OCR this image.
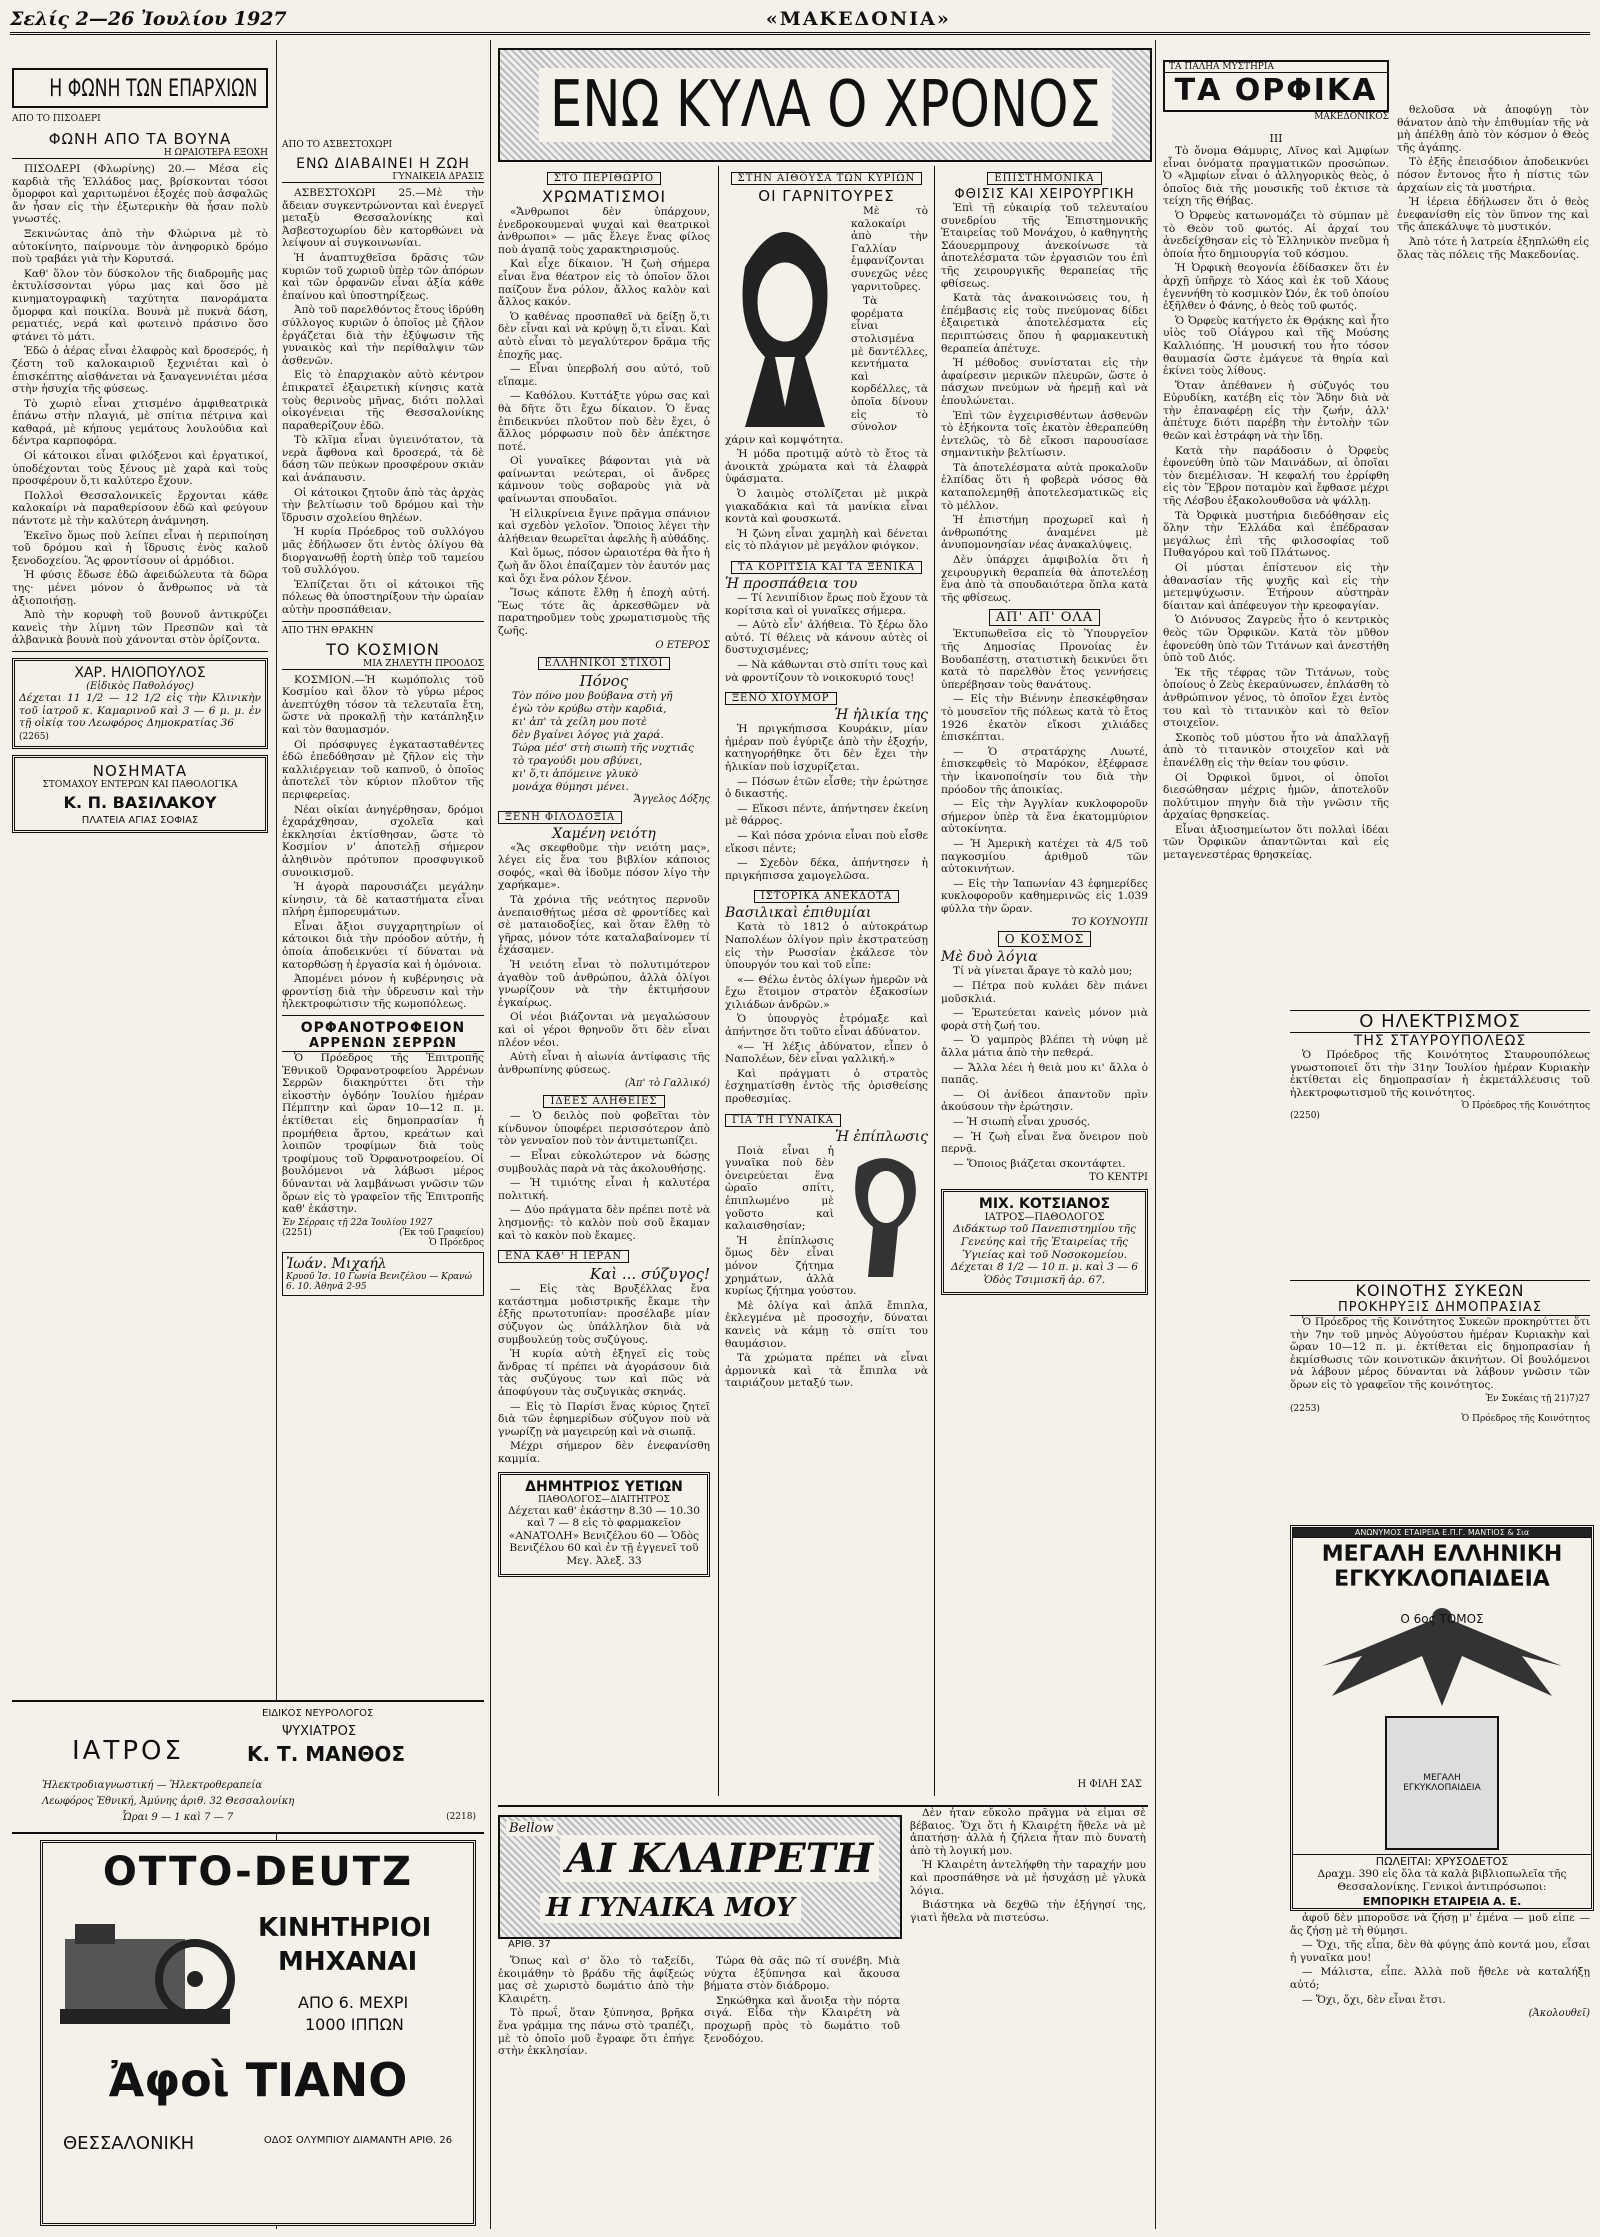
Σελίς 2—26 Ἰουλίου 1927	«ΜΑΚΕΔΟΝΙΑ»
Η ΦΩΝΗ ΤΩΝ ΕΠΑΡΧΙΩΝ
ΑΠΟ ΤΟ ΠΙΣΟΔΕΡΙ
ΦΩΝΗ ΑΠΟ ΤΑ ΒΟΥΝΑ
Η ΩΡΑΙΟΤΕΡΑ ΕΞΟΧΗ

ΠΙΣΟΔΕΡΙ (Φλωρίνης) 20.— Μέσα εἰς καρδιὰ τῆς Ἑλλάδος μας, βρίσκονται τόσοι ὄμορφοι καὶ χαριτωμένοι ἐξοχές ποὺ ἀσφαλῶς ἄν ἦσαν εἰς τὴν ἐξωτερικὴν θὰ ἦσαν πολὺ γνωστές.

Ξεκινώντας ἀπὸ τὴν Φλώρινα μὲ τὸ αὐτοκίνητο, παίρνουμε τὸν ἀνηφορικὸ δρόμο ποὺ τραβάει γιὰ τὴν Κορυτσά.

Καθ' ὅλον τὸν δύσκολον τῆς διαδρομῆς μας ἐκτυλίσσονται γύρω μας καὶ ὅσο μὲ κινηματογραφικὴ ταχύτητα πανοράματα ὄμορφα καὶ ποικίλα. Βουνὰ μὲ πυκνὰ δάση, ρεματιές, νερά καὶ φωτεινὸ πράσινο ὅσο φτάνει τὸ μάτι.

Ἐδῶ ὁ ἀέρας εἶναι ἐλαφρὸς καὶ δροσερός, ἡ ζέστη τοῦ καλοκαιριοῦ ξεχνιέται καὶ ὁ ἐπισκέπτης αἰσθάνεται νὰ ξαναγεννιέται μέσα στὴν ἡσυχία τῆς φύσεως.

Τὸ χωριὸ εἶναι χτισμένο ἀμφιθεατρικὰ ἐπάνω στὴν πλαγιά, μὲ σπίτια πέτρινα καὶ καθαρά, μὲ κήπους γεμάτους λουλούδια καὶ δέντρα καρποφόρα.

Οἱ κάτοικοι εἶναι φιλόξενοι καὶ ἐργατικοί, ὑποδέχονται τοὺς ξένους μὲ χαρὰ καὶ τοὺς προσφέρουν ὅ,τι καλύτερο ἔχουν.

Πολλοὶ Θεσσαλονικεῖς ἔρχονται κάθε καλοκαίρι νὰ παραθερίσουν ἐδῶ καὶ φεύγουν πάντοτε μὲ τὴν καλύτερη ἀνάμνηση.

Ἐκεῖνο ὅμως ποὺ λείπει εἶναι ἡ περιποίηση τοῦ δρόμου καὶ ἡ ἵδρυσις ἑνὸς καλοῦ ξενοδοχείου. Ἂς φροντίσουν οἱ ἁρμόδιοι.

Ἡ φύσις ἔδωσε ἐδῶ ἀφειδώλευτα τὰ δῶρα της· μένει μόνον ὁ ἄνθρωπος νὰ τὰ ἀξιοποιήσῃ.

Ἀπὸ τὴν κορυφὴ τοῦ βουνοῦ ἀντικρύζει κανεὶς τὴν λίμνη τῶν Πρεσπῶν καὶ τὰ ἀλβανικὰ βουνὰ ποὺ χάνονται στὸν ὁρίζοντα.

ΧΑΡ. ΗΛΙΟΠΟΥΛΟΣ
(Εἰδικὸς Παθολόγος)

Δέχεται 11 1/2 — 12 1/2 εἰς τὴν Κλινικὴν τοῦ ἰατροῦ κ. Καμαρινοῦ καὶ 3 — 6 μ. μ. ἐν τῇ οἰκίᾳ του Λεωφόρος Δημοκρατίας 36

(2265)
ΝΟΣΗΜΑΤΑ
ΣΤΟΜΑΧΟΥ ΕΝΤΕΡΩΝ ΚΑΙ ΠΑΘΟΛΟΓΙΚΑ
Κ. Π. ΒΑΣΙΛΑΚΟΥ
ΠΛΑΤΕΙΑ ΑΓΙΑΣ ΣΟΦΙΑΣ
ΑΠΟ ΤΟ ΑΣΒΕΣΤΟΧΩΡΙ
ΕΝΩ ΔΙΑΒΑΙΝΕΙ Η ΖΩΗ
ΓΥΝΑΙΚΕΙΑ ΔΡΑΣΙΣ

ΑΣΒΕΣΤΟΧΩΡΙ 25.—Μὲ τὴν ἄδειαν συγκεντρώνονται καὶ ἐνεργεῖ μεταξὺ Θεσσαλονίκης καὶ Ἀσβεστοχωρίου δὲν κατορθώνει νὰ λείψουν αἱ συγκοινωνίαι.

Ἡ ἀναπτυχθεῖσα δρᾶσις τῶν κυριῶν τοῦ χωριοῦ ὑπὲρ τῶν ἀπόρων καὶ τῶν ὀρφανῶν εἶναι ἀξία κάθε ἐπαίνου καὶ ὑποστηρίξεως.

Ἀπὸ τοῦ παρελθόντος ἔτους ἱδρύθη σύλλογος κυριῶν ὁ ὁποῖος μὲ ζῆλον ἐργάζεται διὰ τὴν ἐξύψωσιν τῆς γυναικὸς καὶ τὴν περίθαλψιν τῶν ἀσθενῶν.

Εἰς τὸ ἐπαρχιακὸν αὐτὸ κέντρον ἐπικρατεῖ ἐξαιρετικὴ κίνησις κατὰ τοὺς θερινοὺς μῆνας, διότι πολλαὶ οἰκογένειαι τῆς Θεσσαλονίκης παραθερίζουν ἐδῶ.

Τὸ κλῖμα εἶναι ὑγιεινότατον, τὰ νερὰ ἄφθονα καὶ δροσερά, τὰ δὲ δάση τῶν πεύκων προσφέρουν σκιὰν καὶ ἀνάπαυσιν.

Οἱ κάτοικοι ζητοῦν ἀπὸ τὰς ἀρχὰς τὴν βελτίωσιν τοῦ δρόμου καὶ τὴν ἵδρυσιν σχολείου θηλέων.

Ἡ κυρία Πρόεδρος τοῦ συλλόγου μᾶς ἐδήλωσεν ὅτι ἐντὸς ὀλίγου θὰ διοργανωθῇ ἑορτὴ ὑπὲρ τοῦ ταμείου τοῦ συλλόγου.

Ἐλπίζεται ὅτι οἱ κάτοικοι τῆς πόλεως θὰ ὑποστηρίξουν τὴν ὡραίαν αὐτὴν προσπάθειαν.

ΑΠΟ ΤΗΝ ΘΡΑΚΗΝ
ΤΟ ΚΟΣΜΙΟΝ
ΜΙΑ ΖΗΛΕΥΤΗ ΠΡΟΟΔΟΣ

ΚΟΣΜΙΟΝ.—Ἡ κωμόπολις τοῦ Κοσμίου καὶ ὅλον τὸ γύρω μέρος ἀνεπτύχθη τόσον τὰ τελευταῖα ἔτη, ὥστε νὰ προκαλῇ τὴν κατάπληξιν καὶ τὸν θαυμασμόν.

Οἱ πρόσφυγες ἐγκατασταθέντες ἐδῶ ἐπεδόθησαν μὲ ζῆλον εἰς τὴν καλλιέργειαν τοῦ καπνοῦ, ὁ ὁποῖος ἀποτελεῖ τὸν κύριον πλοῦτον τῆς περιφερείας.

Νέαι οἰκίαι ἀνηγέρθησαν, δρόμοι ἐχαράχθησαν, σχολεῖα καὶ ἐκκλησίαι ἐκτίσθησαν, ὥστε τὸ Κοσμίον ν' ἀποτελῇ σήμερον ἀληθινὸν πρότυπον προσφυγικοῦ συνοικισμοῦ.

Ἡ ἀγορὰ παρουσιάζει μεγάλην κίνησιν, τὰ δὲ καταστήματα εἶναι πλήρη ἐμπορευμάτων.

Εἶναι ἄξιοι συγχαρητηρίων οἱ κάτοικοι διὰ τὴν πρόοδον αὐτήν, ἡ ὁποία ἀποδεικνύει τί δύναται νὰ κατορθώσῃ ἡ ἐργασία καὶ ἡ ὁμόνοια.

Ἀπομένει μόνον ἡ κυβέρνησις νὰ φροντίσῃ διὰ τὴν ὑδρευσιν καὶ τὴν ἠλεκτροφώτισιν τῆς κωμοπόλεως.

ΟΡΦΑΝΟΤΡΟΦΕΙΟΝ
ΑΡΡΕΝΩΝ ΣΕΡΡΩΝ

Ὁ Πρόεδρος τῆς Ἐπιτροπῆς Ἐθνικοῦ Ὀρφανοτροφείου Ἀρρένων Σερρῶν διακηρύττει ὅτι τὴν εἰκοστὴν ὀγδόην Ἰουλίου ἡμέραν Πέμπτην καὶ ὥραν 10—12 π. μ. ἐκτίθεται εἰς δημοπρασίαν ἡ προμήθεια ἄρτου, κρεάτων καὶ λοιπῶν τροφίμων διὰ τοὺς τροφίμους τοῦ Ὀρφανοτροφείου. Οἱ βουλόμενοι νὰ λάβωσι μέρος δύνανται νὰ λαμβάνωσι γνῶσιν τῶν ὅρων εἰς τὸ γραφεῖον τῆς Ἐπιτροπῆς καθ' ἑκάστην.

Ἐν Σέρραις τῇ 22α Ἰουλίου 1927
(2251)	(Ἐκ τοῦ Γραφείου)
Ὁ Πρόεδρος
Ἰωάν. Μιχαήλ
Κρυοῦ Ἰσ. 10 Γωνία Βενιζέλου — Κρανώ 6. 10. Ἀθηνᾶ 2-95
ΕΙΔΙΚΟΣ ΝΕΥΡΟΛΟΓΟΣ
ΨΥΧΙΑΤΡΟΣ
ΙΑΤΡΟΣ	Κ. Τ. ΜΑΝΘΟΣ
Ἠλεκτροδιαγνωστική — Ἠλεκτροθεραπεία
Λεωφόρος Ἐθνική, Ἀμύνης ἀριθ. 32 Θεσσαλονίκη
Ὧραι 9 — 1 καὶ 7 — 7	(2218)
OTTO-DEUTZ
ΚΙΝΗΤΗΡΙΟΙ
ΜΗΧΑΝΑΙ
ΑΠΟ 6. ΜΕΧΡΙ
1000 ΙΠΠΩΝ
Ἀφοὶ ΤΙΑΝΟ
ΘΕΣΣΑΛΟΝΙΚΗ	ΟΔΟΣ ΟΛΥΜΠΙΟΥ ΔΙΑΜΑΝΤΗ ΑΡΙΘ. 26
ΕΝΩ ΚΥΛΑ Ο ΧΡΟΝΟΣ
ΣΤΟ ΠΕΡΙΘΩΡΙΟ
ΧΡΩΜΑΤΙΣΜΟΙ

«Ἄνθρωποι δὲν ὑπάρχουν, ἐνεδροκουμεναὶ ψυχαὶ καὶ θεατρικοὶ ἀνθρωποι» — μᾶς ἔλεγε ἕνας φίλος ποὺ ἀγαπᾷ τοὺς χαρακτηρισμούς.

Καὶ εἶχε δίκαιον. Ἡ ζωὴ σήμερα εἶναι ἕνα θέατρον εἰς τὸ ὁποῖον ὅλοι παίζουν ἕνα ρόλον, ἄλλος καλὸν καὶ ἄλλος κακόν.

Ὁ καθένας προσπαθεῖ νὰ δείξῃ ὅ,τι δὲν εἶναι καὶ νὰ κρύψῃ ὅ,τι εἶναι. Καὶ αὐτὸ εἶναι τὸ μεγαλύτερον δρᾶμα τῆς ἐποχῆς μας.

— Εἶναι ὑπερβολή σου αὐτό, τοῦ εἴπαμε.

— Καθόλου. Κυττάξτε γύρω σας καὶ θὰ δῆτε ὅτι ἔχω δίκαιον. Ὁ ἕνας ἐπιδεικνύει πλοῦτον ποὺ δὲν ἔχει, ὁ ἄλλος μόρφωσιν ποὺ δὲν ἀπέκτησε ποτέ.

Οἱ γυναῖκες βάφονται γιὰ νὰ φαίνωνται νεώτεραι, οἱ ἄνδρες κάμνουν τοὺς σοβαροὺς γιὰ νὰ φαίνωνται σπουδαῖοι.

Ἡ εἰλικρίνεια ἔγινε πρᾶγμα σπάνιον καὶ σχεδὸν γελοῖον. Ὅποιος λέγει τὴν ἀλήθειαν θεωρεῖται ἀφελὴς ἢ αὐθάδης.

Καὶ ὅμως, πόσον ὡραιοτέρα θὰ ἦτο ἡ ζωὴ ἄν ὅλοι ἐπαίζαμεν τὸν ἑαυτόν μας καὶ ὄχι ἕνα ρόλον ξένον.

Ἴσως κάποτε ἔλθῃ ἡ ἐποχὴ αὐτή. Ἕως τότε ἂς ἀρκεσθῶμεν νὰ παρατηροῦμεν τοὺς χρωματισμοὺς τῆς ζωῆς.

Ο ΕΤΕΡΟΣ
ΕΛΛΗΝΙΚΟΙ ΣΤΙΧΟΙ
Πόνος
Τὸν πόνο μου βούβανα στὴ γῆ
ἐγὼ τὸν κρύβω στὴν καρδιά,
κι' ἀπ' τὰ χείλη μου ποτὲ
δὲν βγαίνει λόγος γιὰ χαρά.
Τώρα μέσ' στὴ σιωπὴ τῆς νυχτιᾶς
τὸ τραγούδι μου σβύνει,
κι' ὅ,τι ἀπόμεινε γλυκὸ
μονάχα θύμησι μένει.
Ἄγγελος Δόξης
ΞΕΝΗ ΦΙΛΟΔΟΞΙΑ
Χαμένη νειότη

«Ἄς σκεφθοῦμε τὴν νειότη μας», λέγει εἰς ἕνα του βιβλίον κάποιος σοφός, «καὶ θὰ ἰδοῦμε πόσον λίγο τὴν χαρήκαμε».

Τὰ χρόνια τῆς νεότητος περνοῦν ἀνεπαισθήτως μέσα σὲ φροντίδες καὶ σὲ ματαιοδοξίες, καὶ ὅταν ἔλθῃ τὸ γῆρας, μόνον τότε καταλαβαίνομεν τί ἐχάσαμεν.

Ἡ νειότη εἶναι τὸ πολυτιμότερον ἀγαθὸν τοῦ ἀνθρώπου, ἀλλὰ ὀλίγοι γνωρίζουν νὰ τὴν ἐκτιμήσουν ἐγκαίρως.

Οἱ νέοι βιάζονται νὰ μεγαλώσουν καὶ οἱ γέροι θρηνοῦν ὅτι δὲν εἶναι πλέον νέοι.

Αὐτὴ εἶναι ἡ αἰωνία ἀντίφασις τῆς ἀνθρωπίνης φύσεως.

(Ἀπ' τὸ Γαλλικό)
ΙΔΕΕΣ ΑΛΗΘΕΙΕΣ

— Ὁ δειλὸς ποὺ φοβεῖται τὸν κίνδυνον ὑποφέρει περισσότερον ἀπὸ τὸν γενναῖον ποὺ τὸν ἀντιμετωπίζει.

— Εἶναι εὐκολώτερον νὰ δώσῃς συμβουλὰς παρὰ νὰ τὰς ἀκολουθήσῃς.

— Ἡ τιμιότης εἶναι ἡ καλυτέρα πολιτική.

— Δύο πράγματα δὲν πρέπει ποτὲ νὰ λησμονῇς: τὸ καλὸν ποὺ σοῦ ἔκαμαν καὶ τὸ κακὸν ποὺ ἔκαμες.

ΕΝΑ ΚΑΘ' Η ΙΕΡΑΝ
Καὶ ... σύζυγος!

— Εἰς τὰς Βρυξέλλας ἔνα κατάστημα μοδιστρικῆς ἔκαμε τὴν ἑξῆς πρωτοτυπίαν: προσέλαβε μίαν σύζυγον ὡς ὑπάλληλον διὰ νὰ συμβουλεύῃ τοὺς συζύγους.

Ἡ κυρία αὐτὴ ἐξηγεῖ εἰς τοὺς ἄνδρας τί πρέπει νὰ ἀγοράσουν διὰ τὰς συζύγους των καὶ πῶς νὰ ἀποφύγουν τὰς συζυγικὰς σκηνάς.

— Εἰς τὸ Παρίσι ἕνας κύριος ζητεῖ διὰ τῶν ἐφημερίδων σύζυγον ποὺ νὰ γνωρίζῃ νὰ μαγειρεύῃ καὶ νὰ σιωπᾷ.

Μέχρι σήμερον δὲν ἐνεφανίσθη καμμία.

ΔΗΜΗΤΡΙΟΣ ΥΕΤΙΩΝ
ΠΑΘΟΛΟΓΟΣ—ΔΙΑΙΤΗΤΡΟΣ

Δέχεται καθ' ἑκάστην 8.30 — 10.30 καὶ 7 — 8 εἰς τὸ φαρμακεῖον «ΑΝΑΤΟΛΗ» Βενιζέλου 60 — Ὁδὸς Βενιζέλου 60 καὶ ἐν τῇ ἐγγενεῖ τοῦ Μεγ. Ἀλεξ. 33

ΣΤΗΝ ΑΙΘΟΥΣΑ ΤΩΝ ΚΥΡΙΩΝ
ΟΙ ΓΑΡΝΙΤΟΥΡΕΣ

Μὲ τὸ καλοκαίρι ἀπὸ τὴν Γαλλίαν ἐμφανίζονται συνεχῶς νέες γαρνιτοῦρες.

Τὰ φορέματα εἶναι στολισμένα μὲ δαντέλλες, κεντήματα καὶ κορδέλλες, τὰ ὁποῖα δίνουν εἰς τὸ σύνολον χάριν καὶ κομψότητα.

Ἡ μόδα προτιμᾷ αὐτὸ τὸ ἔτος τὰ ἀνοικτὰ χρώματα καὶ τὰ ἐλαφρὰ ὑφάσματα.

Ὁ λαιμὸς στολίζεται μὲ μικρὰ γιακαδάκια καὶ τὰ μανίκια εἶναι κοντὰ καὶ φουσκωτά.

Ἡ ζώνη εἶναι χαμηλὴ καὶ δένεται εἰς τὸ πλάγιον μὲ μεγάλον φιόγκον.

ΤΑ ΚΟΡΙΤΣΙΑ ΚΑΙ ΤΑ ΞΕΝΙΚΑ
Ἡ προσπάθεια του

— Τί λενιπίδιον ἔρως ποὺ ἔχουν τὰ κορίτσια καὶ οἱ γυναῖκες σήμερα.

— Αὐτὸ εἶν' ἀλήθεια. Τὸ ξέρω ὅλο αὐτό. Τί θέλεις νὰ κάνουν αὐτὲς οἱ δυστυχισμένες;

— Νὰ κάθωνται στὸ σπίτι τους καὶ νὰ φροντίζουν τὸ νοικοκυριό τους!

ΞΕΝΟ ΧΙΟΥΜΟΡ
Ἡ ἡλικία της

Ἡ πριγκήπισσα Κουράκιν, μίαν ἡμέραν ποὺ ἐγύριζε ἀπὸ τὴν ἐξοχήν, κατηγορήθηκε ὅτι δὲν ἔχει τὴν ἡλικίαν ποὺ ἰσχυρίζεται.

— Πόσων ἐτῶν εἶσθε; τὴν ἐρώτησε ὁ δικαστής.

— Εἴκοσι πέντε, ἀπήντησεν ἐκείνη μὲ θάρρος.

— Καὶ πόσα χρόνια εἶναι ποὺ εἶσθε εἴκοσι πέντε;

— Σχεδὸν δέκα, ἀπήντησεν ἡ πριγκήπισσα χαμογελῶσα.

ΙΣΤΟΡΙΚΑ ΑΝΕΚΔΟΤΑ
Βασιλικαὶ ἐπιθυμίαι

Κατὰ τὸ 1812 ὁ αὐτοκράτωρ Ναπολέων ὀλίγον πρὶν ἐκστρατεύσῃ εἰς τὴν Ρωσσίαν ἐκάλεσε τὸν ὑπουργόν του καὶ τοῦ εἶπε:

«— Θέλω ἐντὸς ὀλίγων ἡμερῶν νὰ ἔχω ἕτοιμον στρατὸν ἑξακοσίων χιλιάδων ἀνδρῶν.»

Ὁ ὑπουργὸς ἐτρόμαξε καὶ ἀπήντησε ὅτι τοῦτο εἶναι ἀδύνατον.

«— Ἡ λέξις ἀδύνατον, εἶπεν ὁ Ναπολέων, δὲν εἶναι γαλλική.»

Καὶ πράγματι ὁ στρατὸς ἐσχηματίσθη ἐντὸς τῆς ὁρισθείσης προθεσμίας.

ΓΙΑ ΤΗ ΓΥΝΑΙΚΑ
Ἡ ἐπίπλωσις

Ποιὰ εἶναι ἡ γυναῖκα ποὺ δὲν ὀνειρεύεται ἕνα ὡραῖο σπίτι, ἐπιπλωμένο μὲ γοῦστο καὶ καλαισθησίαν;

Ἡ ἐπίπλωσις ὅμως δὲν εἶναι μόνον ζήτημα χρημάτων, ἀλλὰ κυρίως ζήτημα γούστου.

Μὲ ὀλίγα καὶ ἁπλᾶ ἔπιπλα, ἐκλεγμένα μὲ προσοχήν, δύναται κανεὶς νὰ κάμῃ τὸ σπίτι του θαυμάσιον.

Τὰ χρώματα πρέπει νὰ εἶναι ἁρμονικὰ καὶ τὰ ἔπιπλα νὰ ταιριάζουν μεταξύ των.

ΕΠΙΣΤΗΜΟΝΙΚΑ
ΦΘΙΣΙΣ ΚΑΙ ΧΕΙΡΟΥΡΓΙΚΗ

Ἐπὶ τῇ εὐκαιρίᾳ τοῦ τελευταίου συνεδρίου τῆς Ἐπιστημονικῆς Ἑταιρείας τοῦ Μονάχου, ὁ καθηγητὴς Σάουερμπρουχ ἀνεκοίνωσε τὰ ἀποτελέσματα τῶν ἐργασιῶν του ἐπὶ τῆς χειρουργικῆς θεραπείας τῆς φθίσεως.

Κατὰ τὰς ἀνακοινώσεις του, ἡ ἐπέμβασις εἰς τοὺς πνεύμονας δίδει ἐξαιρετικὰ ἀποτελέσματα εἰς περιπτώσεις ὅπου ἡ φαρμακευτικὴ θεραπεία ἀπέτυχε.

Ἡ μέθοδος συνίσταται εἰς τὴν ἀφαίρεσιν μερικῶν πλευρῶν, ὥστε ὁ πάσχων πνεύμων νὰ ἠρεμῇ καὶ νὰ ἐπουλώνεται.

Ἐπὶ τῶν ἐγχειρισθέντων ἀσθενῶν τὸ ἑξήκοντα τοῖς ἑκατὸν ἐθεραπεύθη ἐντελῶς, τὸ δὲ εἴκοσι παρουσίασε σημαντικὴν βελτίωσιν.

Τὰ ἀποτελέσματα αὐτὰ προκαλοῦν ἐλπίδας ὅτι ἡ φοβερὰ νόσος θὰ καταπολεμηθῇ ἀποτελεσματικῶς εἰς τὸ μέλλον.

Ἡ ἐπιστήμη προχωρεῖ καὶ ἡ ἀνθρωπότης ἀναμένει μὲ ἀνυπομονησίαν νέας ἀνακαλύψεις.

Δὲν ὑπάρχει ἀμφιβολία ὅτι ἡ χειρουργικὴ θεραπεία θὰ ἀποτελέσῃ ἕνα ἀπὸ τὰ σπουδαιότερα ὅπλα κατὰ τῆς φθίσεως.

ΑΠ' ΑΠ' ΟΛΑ

Ἐκτυπωθεῖσα εἰς τὸ Ὑπουργεῖον τῆς Δημοσίας Προνοίας ἐν Βουδαπέστῃ, στατιστικὴ δεικνύει ὅτι κατὰ τὸ παρελθὸν ἔτος γεννήσεις ὑπερέβησαν τοὺς θανάτους.

— Εἰς τὴν Βιέννην ἐπεσκέφθησαν τὸ μουσεῖον τῆς πόλεως κατὰ τὸ ἔτος 1926 ἐκατὸν εἴκοσι χιλιάδες ἐπισκέπται.

— Ὁ στρατάρχης Λυωτέ, ἐπισκεφθεὶς τὸ Μαρόκον, ἐξέφρασε τὴν ἱκανοποίησίν του διὰ τὴν πρόοδον τῆς ἀποικίας.

— Εἰς τὴν Ἀγγλίαν κυκλοφοροῦν σήμερον ὑπὲρ τὰ ἕνα ἑκατομμύριον αὐτοκίνητα.

— Ἡ Ἀμερικὴ κατέχει τὰ 4/5 τοῦ παγκοσμίου ἀριθμοῦ τῶν αὐτοκινήτων.

— Εἰς τὴν Ἰαπωνίαν 43 ἐφημερίδες κυκλοφοροῦν καθημερινῶς εἰς 1.039 φύλλα τὴν ὥραν.

ΤΟ ΚΟΥΝΟΥΠΙ
Ο ΚΟΣΜΟΣ
Μὲ δυὸ λόγια

Τί νὰ γίνεται ἄραγε τὸ καλὸ μου;

— Πέτρα ποὺ κυλάει δὲν πιάνει μοῦσκλιά.

— Ἐρωτεύεται κανεὶς μόνον μιὰ φορὰ στὴ ζωή του.

— Ὁ γαμπρὸς βλέπει τὴ νύφη μὲ ἄλλα μάτια ἀπὸ τὴν πεθερά.

— Ἄλλα λέει ἡ θειὰ μου κι' ἄλλα ὁ παπᾶς.

— Οἱ ἀνίδεοι ἀπαντοῦν πρὶν ἀκούσουν τὴν ἐρώτησιν.

— Ἡ σιωπὴ εἶναι χρυσός.

— Ἡ ζωὴ εἶναι ἕνα ὄνειρον ποὺ περνᾷ.

— Ὅποιος βιάζεται σκοντάφτει.

ΤΟ ΚΕΝΤΡΙ
ΜΙΧ. ΚΟΤΣΙΑΝΟΣ
ΙΑΤΡΟΣ—ΠΑΘΟΛΟΓΟΣ

Διδάκτωρ τοῦ Πανεπιστημίου τῆς Γενεύης καὶ τῆς Ἑταιρείας τῆς Ὑγιείας καὶ τοῦ Νοσοκομείου. Δέχεται 8 1/2 — 10 π. μ. καὶ 3 — 6 Ὁδὸς Τσιμισκῆ ἀρ. 67.

Η ΦΙΛΗ ΣΑΣ
Bellow
ΑΙ ΚΛΑΙΡΕΤΗ
Η ΓΥΝΑΙΚΑ ΜΟΥ
ΑΡΙΘ. 37

Ὅπως καὶ σ' ὅλο τὸ ταξείδι, ἐκοιμάθην τὸ βράδυ τῆς ἀφίξεώς μας σὲ χωριστὸ δωμάτιο ἀπὸ τὴν Κλαιρέτη.

Τὸ πρωΐ, ὅταν ξύπνησα, βρῆκα ἕνα γράμμα της πάνω στὸ τραπέζι, μὲ τὸ ὁποῖο μοῦ ἔγραφε ὅτι ἐπήγε στὴν ἐκκλησίαν.

Τώρα θὰ σᾶς πῶ τί συνέβη. Μιὰ νύχτα ἐξύπνησα καὶ ἄκουσα βήματα στὸν διάδρομο.

Σηκώθηκα καὶ ἄνοιξα τὴν πόρτα σιγά. Εἶδα τὴν Κλαιρέτη νὰ προχωρῇ πρὸς τὸ δωμάτιο τοῦ ξενοδόχου.

Δὲν ἦταν εὔκολο πρᾶγμα νὰ εἶμαι σὲ βέβαιος. Ὅχι ὅτι ἡ Κλαιρέτη ἤθελε νὰ μὲ ἀπατήσῃ· ἀλλὰ ἡ ζήλεια ἦταν πιὸ δυνατὴ ἀπὸ τὴ λογική μου.

Ἡ Κλαιρέτη ἀντελήφθη τὴν ταραχήν μου καὶ προσπάθησε νὰ μὲ ἡσυχάσῃ μὲ γλυκὰ λόγια.

Βιάστηκα νὰ δεχθῶ τὴν ἐξήγησί της, γιατὶ ἤθελα νὰ πιστεύσω.

ΤΑ ΠΑΛΗΑ ΜΥΣΤΗΡΙΑ
ΤΑ ΟΡΦΙΚΑ
ΜΑΚΕΔΟΝΙΚΟΣ
III

Τὸ ὄνομα Θάμυρις, Λῖνος καὶ Ἀμφίων εἶναι ὀνόματα πραγματικῶν προσώπων. Ὁ «Ἀμφίων εἶναι ὁ ἀλληγορικὸς θεὸς, ὁ ὁποῖος διὰ τῆς μουσικῆς τοῦ ἐκτισε τὰ τείχη τῆς Θήβας.

Ὁ Ὀρφεὺς κατωνομάζει τὸ σύμπαν μὲ τὸ Θεὸν τοῦ φωτός. Αἱ ἀρχαί του ἀνεδείχθησαν εἰς τὸ Ἑλληνικὸν πνεῦμα ἡ ὁποία ἦτο δημιουργία τοῦ κόσμου.

Ἡ Ὀρφικὴ θεογονία ἐδίδασκεν ὅτι ἐν ἀρχῇ ὑπῆρχε τὸ Χάος καὶ ἐκ τοῦ Χάους ἐγεννήθη τὸ κοσμικὸν Ὠόν, ἐκ τοῦ ὁποίου ἐξῆλθεν ὁ Φάνης, ὁ θεὸς τοῦ φωτός.

Ὁ Ὀρφεὺς κατήγετο ἐκ Θρᾴκης καὶ ἦτο υἱὸς τοῦ Οἰάγρου καὶ τῆς Μούσης Καλλιόπης. Ἡ μουσική του ἦτο τόσον θαυμασία ὥστε ἐμάγευε τὰ θηρία καὶ ἐκίνει τοὺς λίθους.

Ὅταν ἀπέθανεν ἡ σύζυγός του Εὐρυδίκη, κατέβη εἰς τὸν Ἅδην διὰ νὰ τὴν ἐπαναφέρῃ εἰς τὴν ζωήν, ἀλλ' ἀπέτυχε διότι παρέβη τὴν ἐντολὴν τῶν θεῶν καὶ ἐστράφη νὰ τὴν ἴδῃ.

Κατὰ τὴν παράδοσιν ὁ Ὀρφεὺς ἐφονεύθη ὑπὸ τῶν Μαινάδων, αἱ ὁποῖαι τὸν διεμέλισαν. Ἡ κεφαλή του ἐρρίφθη εἰς τὸν Ἕβρον ποταμὸν καὶ ἔφθασε μέχρι τῆς Λέσβου ἐξακολουθοῦσα νὰ ψάλλῃ.

Τὰ Ὀρφικὰ μυστήρια διεδόθησαν εἰς ὅλην τὴν Ἑλλάδα καὶ ἐπέδρασαν μεγάλως ἐπὶ τῆς φιλοσοφίας τοῦ Πυθαγόρου καὶ τοῦ Πλάτωνος.

Οἱ μύσται ἐπίστευον εἰς τὴν ἀθανασίαν τῆς ψυχῆς καὶ εἰς τὴν μετεμψύχωσιν. Ἐτήρουν αὐστηρὰν δίαιταν καὶ ἀπέφευγον τὴν κρεοφαγίαν.

Ὁ Διόνυσος Ζαγρεὺς ἦτο ὁ κεντρικὸς θεὸς τῶν Ὀρφικῶν. Κατὰ τὸν μῦθον ἐφονεύθη ὑπὸ τῶν Τιτάνων καὶ ἀνεστήθη ὑπὸ τοῦ Διός.

Ἐκ τῆς τέφρας τῶν Τιτάνων, τοὺς ὁποίους ὁ Ζεὺς ἐκεραύνωσεν, ἐπλάσθη τὸ ἀνθρώπινον γένος, τὸ ὁποῖον ἔχει ἐντὸς του καὶ τὸ τιτανικὸν καὶ τὸ θεῖον στοιχεῖον.

Σκοπὸς τοῦ μύστου ἦτο νὰ ἀπαλλαγῇ ἀπὸ τὸ τιτανικὸν στοιχεῖον καὶ νὰ ἐπανέλθῃ εἰς τὴν θείαν του φύσιν.

Οἱ Ὀρφικοὶ ὕμνοι, οἱ ὁποῖοι διεσώθησαν μέχρις ἡμῶν, ἀποτελοῦν πολύτιμον πηγὴν διὰ τὴν γνῶσιν τῆς ἀρχαίας θρησκείας.

Εἶναι ἀξιοσημείωτον ὅτι πολλαὶ ἰδέαι τῶν Ὀρφικῶν ἀπαντῶνται καὶ εἰς μεταγενεστέρας θρησκείας.

θελοῦσα νὰ ἀποφύγῃ τὸν θάνατον ἀπὸ τὴν ἐπιθυμίαν τῆς νὰ μὴ ἀπέλθῃ ἀπὸ τὸν κόσμον ὁ Θεὸς τῆς ἀγάπης.

Τὸ ἐξῆς ἐπεισόδιον ἀποδεικνύει πόσον ἔντονος ἦτο ἡ πίστις τῶν ἀρχαίων εἰς τὰ μυστήρια.

Ἡ ἱέρεια ἐδήλωσεν ὅτι ὁ θεὸς ἐνεφανίσθη εἰς τὸν ὕπνον της καὶ τῆς ἀπεκάλυψε τὸ μυστικόν.

Ἀπὸ τότε ἡ λατρεία ἐξηπλώθη εἰς ὅλας τὰς πόλεις τῆς Μακεδονίας.

Ο ΗΛΕΚΤΡΙΣΜΟΣ
ΤΗΣ ΣΤΑΥΡΟΥΠΟΛΕΩΣ

Ὁ Πρόεδρος τῆς Κοινότητος Σταυρουπόλεως γνωστοποιεῖ ὅτι τὴν 31ην Ἰουλίου ἡμέραν Κυριακὴν ἐκτίθεται εἰς δημοπρασίαν ἡ ἐκμετάλλευσις τοῦ ἠλεκτροφωτισμοῦ τῆς κοινότητος.

Ὁ Πρόεδρος τῆς Κοινότητος
(2250)
ΚΟΙΝΟΤΗΣ ΣΥΚΕΩΝ
ΠΡΟΚΗΡΥΞΙΣ ΔΗΜΟΠΡΑΣΙΑΣ

Ὁ Πρόεδρος τῆς Κοινότητος Συκεῶν προκηρύττει ὅτι τὴν 7ην τοῦ μηνὸς Αὐγούστου ἡμέραν Κυριακὴν καὶ ὥραν 10—12 π. μ. ἐκτίθεται εἰς δημοπρασίαν ἡ ἐκμίσθωσις τῶν κοινοτικῶν ἀκινήτων. Οἱ βουλόμενοι νὰ λάβουν μέρος δύνανται νὰ λάβουν γνῶσιν τῶν ὅρων εἰς τὸ γραφεῖον τῆς κοινότητος.

Ἐν Συκέαις τῇ 21)7)27
(2253)
Ὁ Πρόεδρος τῆς Κοινότητος
ΑΝΩΝΥΜΟΣ ΕΤΑΙΡΕΙΑ Ε.Π.Γ. ΜΑΝΤΙΟΣ & Σια
ΜΕΓΑΛΗ ΕΛΛΗΝΙΚΗ
ΕΓΚΥΚΛΟΠΑΙΔΕΙΑ
Ο 6ος ΤΟΜΟΣ
ΜΕΓΑΛΗ ΕΓΚΥΚΛΟΠΑΙΔΕΙΑ
ΠΩΛΕΙΤΑΙ: ΧΡΥΣΟΔΕΤΟΣ

Δραχμ. 390 εἰς ὅλα τὰ καλὰ βιβλιοπωλεῖα τῆς Θεσσαλονίκης. Γενικοὶ ἀντιπρόσωποι:

ΕΜΠΟΡΙΚΗ ΕΤΑΙΡΕΙΑ Α. Ε.

ἀφοῦ δὲν μποροῦσε νὰ ζήσῃ μ' ἐμένα — μοῦ εἶπε — ἄς ζήσῃ μὲ τὴ θύμησι.

— Ὄχι, τῆς εἶπα, δὲν θὰ φύγῃς ἀπὸ κοντά μου, εἶσαι ἡ γυναῖκα μου!

— Μάλιστα, εἶπε. Ἀλλὰ ποῦ ἤθελε νὰ καταλήξῃ αὐτό;

— Ὄχι, ὄχι, δὲν εἶναι ἔτσι.

(Ἀκολουθεῖ)
